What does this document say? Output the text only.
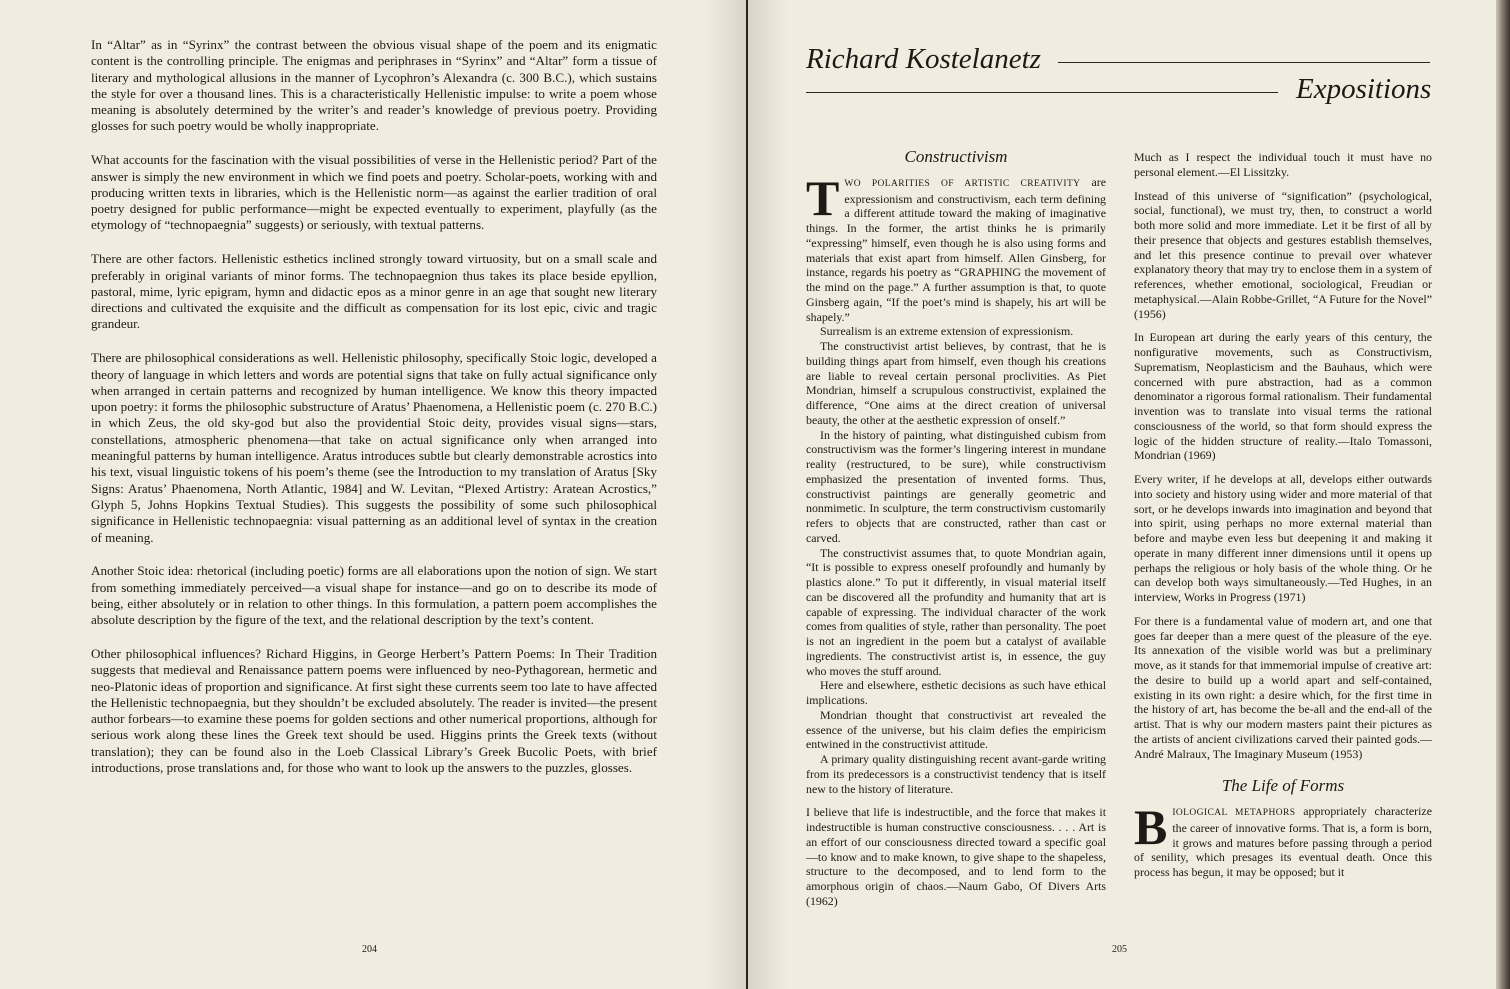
In “Altar” as in “Syrinx” the contrast between the obvious visual shape of the poem and its enigmatic content is the controlling principle. The enigmas and periphrases in “Syrinx” and “Altar” form a tissue of literary and mythological allusions in the manner of Lycophron’s Alexandra (c. 300 B.C.), which sustains the style for over a thousand lines. This is a characteristically Hellenistic impulse: to write a poem whose meaning is absolutely determined by the writer’s and reader’s knowledge of previous poetry. Providing glosses for such poetry would be wholly inappropriate.

What accounts for the fascination with the visual possibilities of verse in the Hellenistic period? Part of the answer is simply the new environment in which we find poets and poetry. Scholar-poets, working with and producing written texts in libraries, which is the Hellenistic norm—as against the earlier tradition of oral poetry designed for public performance—might be expected eventually to experiment, playfully (as the etymology of “technopaegnia” suggests) or seriously, with textual patterns.

There are other factors. Hellenistic esthetics inclined strongly toward virtuosity, but on a small scale and preferably in original variants of minor forms. The technopaegnion thus takes its place beside epyllion, pastoral, mime, lyric epigram, hymn and didactic epos as a minor genre in an age that sought new literary directions and cultivated the exquisite and the difficult as compensation for its lost epic, civic and tragic grandeur.

There are philosophical considerations as well. Hellenistic philosophy, specifically Stoic logic, developed a theory of language in which letters and words are potential signs that take on fully actual significance only when arranged in certain patterns and recognized by human intelligence. We know this theory impacted upon poetry: it forms the philosophic substructure of Aratus’ Phaenomena, a Hellenistic poem (c. 270 B.C.) in which Zeus, the old sky-god but also the providential Stoic deity, provides visual signs—stars, constellations, atmospheric phenomena—that take on actual significance only when arranged into meaningful patterns by human intelligence. Aratus introduces subtle but clearly demonstrable acrostics into his text, visual linguistic tokens of his poem’s theme (see the Introduction to my translation of Aratus [Sky Signs: Aratus’ Phaenomena, North Atlantic, 1984] and W. Levitan, “Plexed Artistry: Aratean Acrostics,” Glyph 5, Johns Hopkins Textual Studies). This suggests the possibility of some such philosophical significance in Hellenistic technopaegnia: visual patterning as an additional level of syntax in the creation of meaning.

Another Stoic idea: rhetorical (including poetic) forms are all elaborations upon the notion of sign. We start from something immediately perceived—a visual shape for instance—and go on to describe its mode of being, either absolutely or in relation to other things. In this formulation, a pattern poem accomplishes the absolute description by the figure of the text, and the relational description by the text’s content.

Other philosophical influences? Richard Higgins, in George Herbert’s Pattern Poems: In Their Tradition suggests that medieval and Renaissance pattern poems were influenced by neo-Pythagorean, hermetic and neo-Platonic ideas of proportion and significance. At first sight these currents seem too late to have affected the Hellenistic technopaegnia, but they shouldn’t be excluded absolutely. The reader is invited—the present author forbears—to examine these poems for golden sections and other numerical proportions, although for serious work along these lines the Greek text should be used. Higgins prints the Greek texts (without translation); they can be found also in the Loeb Classical Library’s Greek Bucolic Poets, with brief introductions, prose translations and, for those who want to look up the answers to the puzzles, glosses.

204
Richard Kostelanetz
Expositions
Constructivism

TWO POLARITIES OF ARTISTIC CREATIVITY are expressionism and constructivism, each term defining a different attitude toward the making of imaginative things. In the former, the artist thinks he is primarily “expressing” himself, even though he is also using forms and materials that exist apart from himself. Allen Ginsberg, for instance, regards his poetry as “GRAPHING the movement of the mind on the page.” A further assumption is that, to quote Ginsberg again, “If the poet’s mind is shapely, his art will be shapely.”

Surrealism is an extreme extension of expressionism.

The constructivist artist believes, by contrast, that he is building things apart from himself, even though his creations are liable to reveal certain personal proclivities. As Piet Mondrian, himself a scrupulous constructivist, explained the difference, “One aims at the direct creation of universal beauty, the other at the aesthetic expression of onself.”

In the history of painting, what distinguished cubism from constructivism was the former’s lingering interest in mundane reality (restructured, to be sure), while constructivism emphasized the presentation of invented forms. Thus, constructivist paintings are generally geometric and nonmimetic. In sculpture, the term constructivism customarily refers to objects that are constructed, rather than cast or carved.

The constructivist assumes that, to quote Mondrian again, “It is possible to express oneself profoundly and humanly by plastics alone.” To put it differently, in visual material itself can be discovered all the profundity and humanity that art is capable of expressing. The individual character of the work comes from qualities of style, rather than personality. The poet is not an ingredient in the poem but a catalyst of available ingredients. The constructivist artist is, in essence, the guy who moves the stuff around.

Here and elsewhere, esthetic decisions as such have ethical implications.

Mondrian thought that constructivist art revealed the essence of the universe, but his claim defies the empiricism entwined in the constructivist attitude.

A primary quality distinguishing recent avant-garde writing from its predecessors is a constructivist tendency that is itself new to the history of literature.

I believe that life is indestructible, and the force that makes it indestructible is human constructive consciousness. . . . Art is an effort of our consciousness directed toward a specific goal—to know and to make known, to give shape to the shapeless, structure to the decomposed, and to lend form to the amorphous origin of chaos.—Naum Gabo, Of Divers Arts (1962)

Much as I respect the individual touch it must have no personal element.—El Lissitzky.

Instead of this universe of “signification” (psychological, social, functional), we must try, then, to construct a world both more solid and more immediate. Let it be first of all by their presence that objects and gestures establish themselves, and let this presence continue to prevail over whatever explanatory theory that may try to enclose them in a system of references, whether emotional, sociological, Freudian or metaphysical.—Alain Robbe-Grillet, “A Future for the Novel” (1956)

In European art during the early years of this century, the nonfigurative movements, such as Constructivism, Suprematism, Neoplasticism and the Bauhaus, which were concerned with pure abstraction, had as a common denominator a rigorous formal rationalism. Their fundamental invention was to translate into visual terms the rational consciousness of the world, so that form should express the logic of the hidden structure of reality.—Italo Tomassoni, Mondrian (1969)

Every writer, if he develops at all, develops either outwards into society and history using wider and more material of that sort, or he develops inwards into imagination and beyond that into spirit, using perhaps no more external material than before and maybe even less but deepening it and making it operate in many different inner dimensions until it opens up perhaps the religious or holy basis of the whole thing. Or he can develop both ways simultaneously.—Ted Hughes, in an interview, Works in Progress (1971)

For there is a fundamental value of modern art, and one that goes far deeper than a mere quest of the pleasure of the eye. Its annexation of the visible world was but a preliminary move, as it stands for that immemorial impulse of creative art: the desire to build up a world apart and self-contained, existing in its own right: a desire which, for the first time in the history of art, has become the be-all and the end-all of the artist. That is why our modern masters paint their pictures as the artists of ancient civilizations carved their painted gods.—André Malraux, The Imaginary Museum (1953)

The Life of Forms

BIOLOGICAL METAPHORS appropriately characterize the career of innovative forms. That is, a form is born, it grows and matures before passing through a period of senility, which presages its eventual death. Once this process has begun, it may be opposed; but it

205
